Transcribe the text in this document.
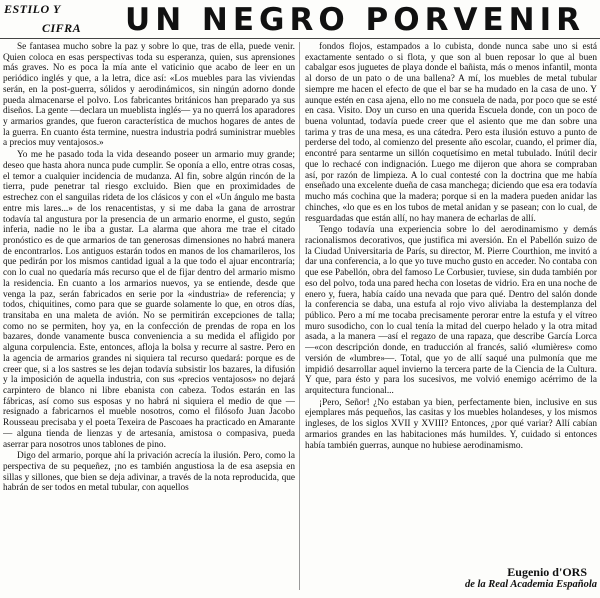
ESTILO Y
CIFRA UN NEGRO PORVENIR

Se fantasea mucho sobre la paz y sobre lo que, tras de ella, puede venir. Quien coloca en esas perspectivas toda su esperanza, quien, sus aprensiones más graves. No es poca la mía ante el vaticinio que acabo de leer en un periódico inglés y que, a la letra, dice así: «Los muebles para las viviendas serán, en la post-guerra, sólidos y aerodinámicos, sin ningún adorno donde pueda almacenarse el polvo. Los fabricantes británicos han preparado ya sus diseños. La gente —declara un mueblista inglés— ya no querrá los aparadores y armarios grandes, que fueron característica de muchos hogares de antes de la guerra. En cuanto ésta termine, nuestra industria podrá suministrar muebles a precios muy ventajosos.»

Yo me he pasado toda la vida deseando poseer un armario muy grande; deseo que hasta ahora nunca pude cumplir. Se oponía a ello, entre otras cosas, el temor a cualquier incidencia de mudanza. Al fin, sobre algún rincón de la tierra, pude penetrar tal riesgo excluido. Bien que en proximidades de estrechez con el sanguilas rideta de los clásicos y con el «Un ángulo me basta entre mis lares...» de los renacentistas, y si me daba la gana de arrostrar todavía tal angustura por la presencia de un armario enorme, el gusto, según inferia, nadie no le iba a gustar. La alarma que ahora me trae el citado pronóstico es de que armarios de tan generosas dimensiones no habrá manera de encontrarlos. Los antiguos estarán todos en manos de los chamarileros, los que pedirán por los mismos cantidad igual a la que todo el ajuar encontraría; con lo cual no quedaría más recurso que el de fijar dentro del armario mismo la residencia. En cuanto a los armarios nuevos, ya se entiende, desde que venga la paz, serán fabricados en serie por la «industria» de referencia; y todos, chiquitines, como para que se guarde solamente lo que, en otros días, transitaba en una maleta de avión. No se permitirán excepciones de talla; como no se permiten, hoy ya, en la confección de prendas de ropa en los bazares, donde vanamente busca conveniencia a su medida el afligido por alguna corpulencia. Este, entonces, afloja la bolsa y recurre al sastre. Pero en la agencia de armarios grandes ni siquiera tal recurso quedará: porque es de creer que, si a los sastres se les dejan todavía subsistir los bazares, la difusión y la imposición de aquella industria, con sus «precios ventajosos» no dejará carpintero de blanco ni libre ebanista con cabeza. Todos estarán en las fábricas, así como sus esposas y no habrá ni siquiera el medio de que —resignado a fabricarnos el mueble nosotros, como el filósofo Juan Jacobo Rousseau precisaba y el poeta Texeira de Pascoaes ha practicado en Amarante— alguna tienda de lienzas y de artesanía, amistosa o compasiva, pueda aserrar para nosotros unos tablones de pino.

Digo del armario, porque ahí la privación acrecía la ilusión. Pero, como la perspectiva de su pequeñez, ¡no es también angustiosa la de esa asepsia en sillas y sillones, que bien se deja adivinar, a través de la nota reproducida, que habrán de ser todos en metal tubular, con aquellos

fondos flojos, estampados a lo cubista, donde nunca sabe uno si está exactamente sentado o si flota, y que son al buen reposar lo que al buen cabalgar esos juguetes de playa donde el bañista, más o menos infantil, monta al dorso de un pato o de una ballena? A mí, los muebles de metal tubular siempre me hacen el efecto de que el bar se ha mudado en la casa de uno. Y aunque estén en casa ajena, ello no me consuela de nada, por poco que se esté en casa. Visito. Doy un curso en una querida Escuela donde, con un poco de buena voluntad, todavía puede creer que el asiento que me dan sobre una tarima y tras de una mesa, es una cátedra. Pero esta ilusión estuvo a punto de perderse del todo, al comienzo del presente año escolar, cuando, el primer día, encontré para sentarme un sillón coquetísimo en metal tubulado. Inútil decir que lo rechacé con indignación. Luego me dijeron que ahora se compraban así, por razón de limpieza. A lo cual contesté con la doctrina que me había enseñado una excelente dueña de casa manchega; diciendo que esa era todavía mucho más cochina que la madera; porque si en la madera pueden anidar las chinches, «lo que es en los tubos de metal anidan y se pasean; con lo cual, de resguardadas que están allí, no hay manera de echarlas de allí.

Tengo todavía una experiencia sobre lo del aerodinamismo y demás racionalismos decorativos, que justifica mi aversión. En el Pabellón suizo de la Ciudad Universitaria de París, su director, M. Pierre Courthion, me invitó a dar una conferencia, a lo que yo tuve mucho gusto en acceder. No contaba con que ese Pabellón, obra del famoso Le Corbusier, tuviese, sin duda también por eso del polvo, toda una pared hecha con losetas de vidrio. Era en una noche de enero y, fuera, había caído una nevada que para qué. Dentro del salón donde la conferencia se daba, una estufa al rojo vivo aliviaba la destemplanza del público. Pero a mí me tocaba precisamente perorar entre la estufa y el vítreo muro susodicho, con lo cual tenía la mitad del cuerpo helado y la otra mitad asada, a la manera —así el regazo de una rapaza, que describe García Lorca —«con descripción donde, en traducción al francés, salió «lumières» como versión de «lumbre»—. Total, que yo de allí saqué una pulmonía que me impidió desarrollar aquel invierno la tercera parte de la Ciencia de la Cultura. Y que, para ésto y para los sucesivos, me volvió enemigo acérrimo de la arquitectura funcional...

¡Pero, Señor! ¿No estaban ya bien, perfectamente bien, inclusive en sus ejemplares más pequeños, las casitas y los muebles holandeses, y los mismos ingleses, de los siglos XVII y XVIII? Entonces, ¿por qué variar? Allí cabían armarios grandes en las habitaciones más humildes. Y, cuidado si entonces había también guerras, aunque no hubiese aerodinamismo.

Eugenio d'ORS
de la Real Academia Española
